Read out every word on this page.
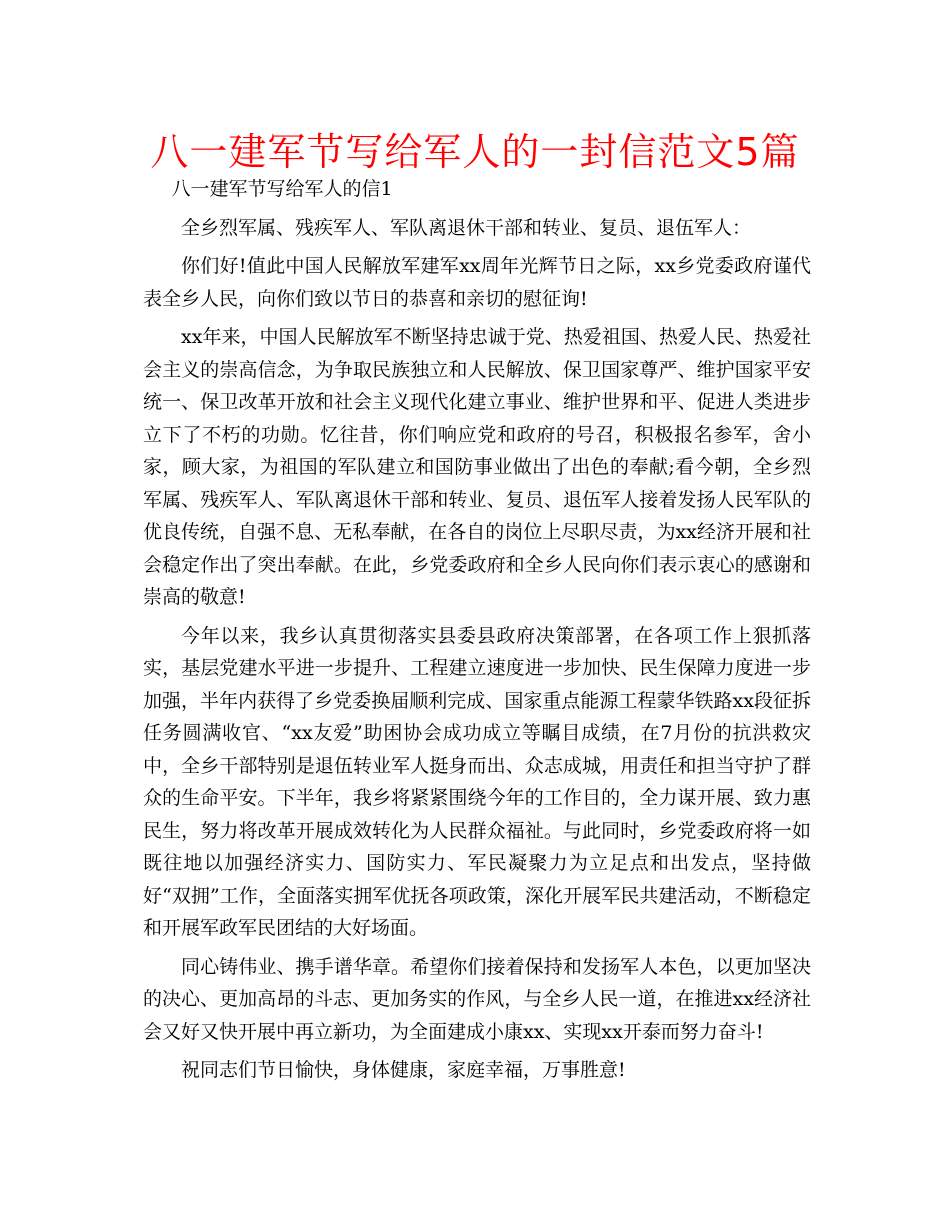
八一建军节写给军人的一封信范文5篇

八一建军节写给军人的信1

全乡烈军属、残疾军人、军队离退休干部和转业、复员、退伍军人：

你们好!值此中国人民解放军建军xx周年光辉节日之际，xx乡党委政府谨代表全乡人民，向你们致以节日的恭喜和亲切的慰征询!

xx年来，中国人民解放军不断坚持忠诚于党、热爱祖国、热爱人民、热爱社会主义的崇高信念，为争取民族独立和人民解放、保卫国家尊严、维护国家平安统一、保卫改革开放和社会主义现代化建立事业、维护世界和平、促进人类进步立下了不朽的功勋。忆往昔，你们响应党和政府的号召，积极报名参军，舍小家，顾大家，为祖国的军队建立和国防事业做出了出色的奉献;看今朝，全乡烈军属、残疾军人、军队离退休干部和转业、复员、退伍军人接着发扬人民军队的优良传统，自强不息、无私奉献，在各自的岗位上尽职尽责，为xx经济开展和社会稳定作出了突出奉献。在此，乡党委政府和全乡人民向你们表示衷心的感谢和崇高的敬意!

今年以来，我乡认真贯彻落实县委县政府决策部署，在各项工作上狠抓落实，基层党建水平进一步提升、工程建立速度进一步加快、民生保障力度进一步加强，半年内获得了乡党委换届顺利完成、国家重点能源工程蒙华铁路xx段征拆任务圆满收官、“xx友爱”助困协会成功成立等瞩目成绩，在7月份的抗洪救灾中，全乡干部特别是退伍转业军人挺身而出、众志成城，用责任和担当守护了群众的生命平安。下半年，我乡将紧紧围绕今年的工作目的，全力谋开展、致力惠民生，努力将改革开展成效转化为人民群众福祉。与此同时，乡党委政府将一如既往地以加强经济实力、国防实力、军民凝聚力为立足点和出发点，坚持做好“双拥”工作，全面落实拥军优抚各项政策，深化开展军民共建活动，不断稳定和开展军政军民团结的大好场面。

同心铸伟业、携手谱华章。希望你们接着保持和发扬军人本色，以更加坚决的决心、更加高昂的斗志、更加务实的作风，与全乡人民一道，在推进xx经济社会又好又快开展中再立新功，为全面建成小康xx、实现xx开泰而努力奋斗!

祝同志们节日愉快，身体健康，家庭幸福，万事胜意!
